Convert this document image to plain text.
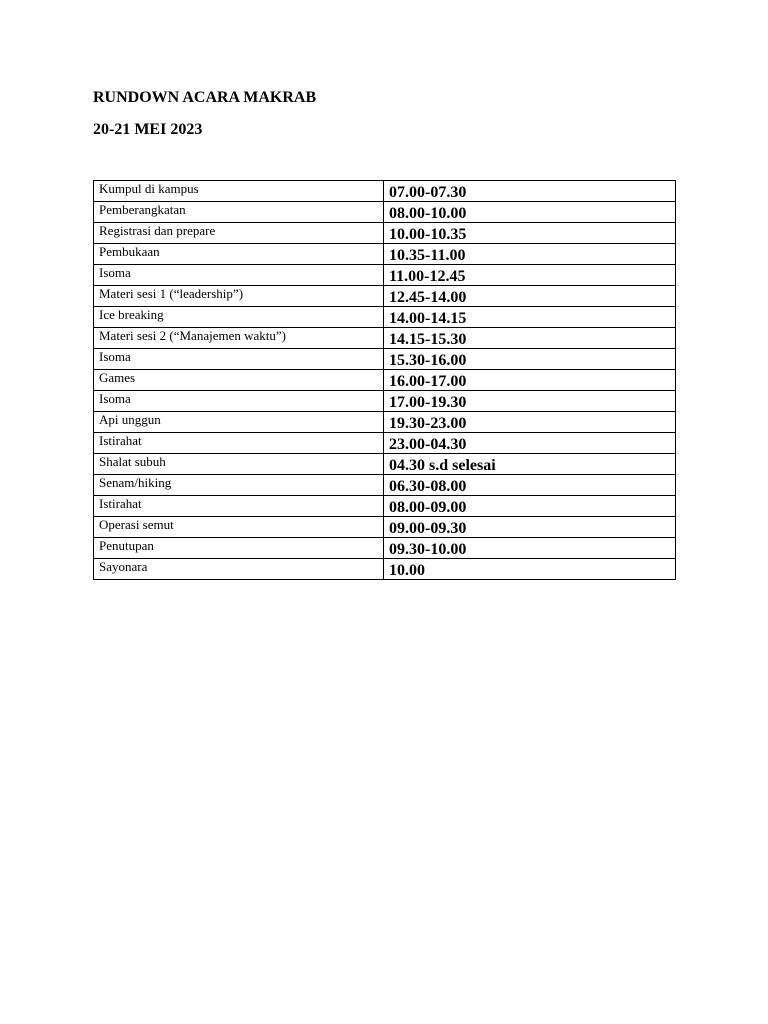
RUNDOWN ACARA MAKRAB
20-21 MEI 2023
Kumpul di kampus	07.00-07.30
Pemberangkatan	08.00-10.00
Registrasi dan prepare	10.00-10.35
Pembukaan	10.35-11.00
Isoma	11.00-12.45
Materi sesi 1 (“leadership”)	12.45-14.00
Ice breaking	14.00-14.15
Materi sesi 2 (“Manajemen waktu”)	14.15-15.30
Isoma	15.30-16.00
Games	16.00-17.00
Isoma	17.00-19.30
Api unggun	19.30-23.00
Istirahat	23.00-04.30
Shalat subuh	04.30 s.d selesai
Senam/hiking	06.30-08.00
Istirahat	08.00-09.00
Operasi semut	09.00-09.30
Penutupan	09.30-10.00
Sayonara	10.00
